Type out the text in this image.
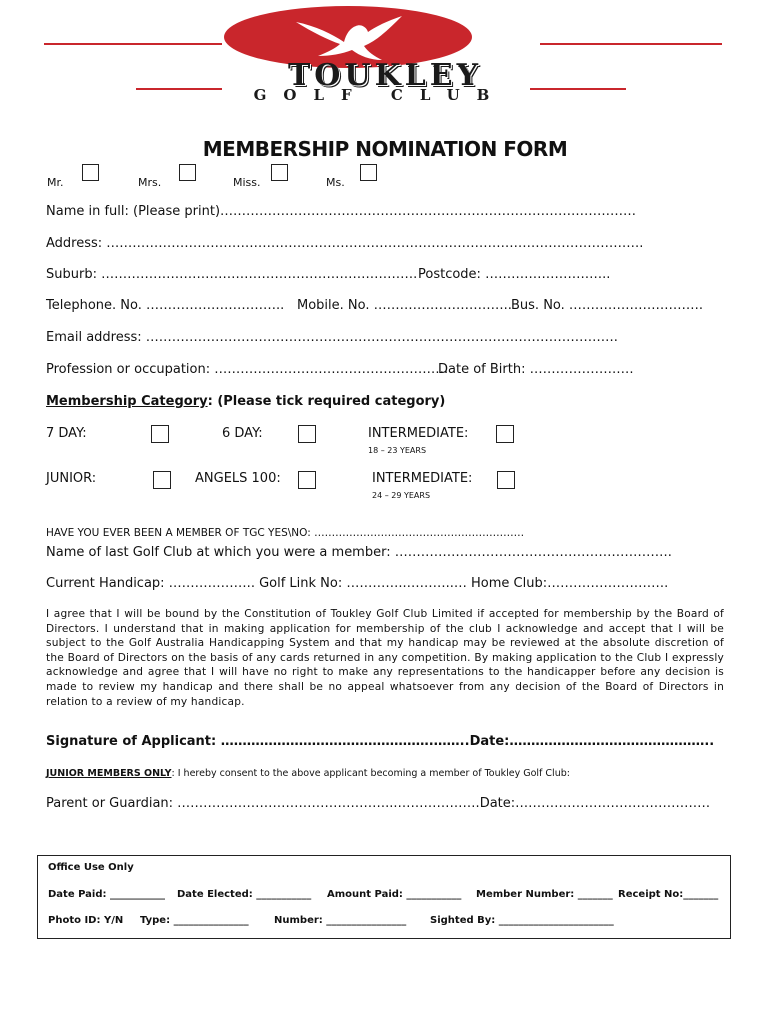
TOUKLEY
GOLF CLUB
MEMBERSHIP NOMINATION FORM
Mr.	Mrs.	Miss.	Ms.
Name in full: (Please print)……………………………………………………………………………………
Address: …………………………………………………………………………………………………………….
Suburb: ………………………………………………………………. Postcode: ………………………..
Telephone. No. ………………………….. Mobile. No. ………………………….. Bus. No. ………………………….
Email address: ……………………………………………………………………………………………….
Profession or occupation: ………………………………………………
Date of Birth: ……………………
Membership Category: (Please tick required category)
7 DAY:	6 DAY:	INTERMEDIATE:
18 – 23 YEARS
JUNIOR:	ANGELS 100:	INTERMEDIATE:
24 – 29 YEARS
HAVE YOU EVER BEEN A MEMBER OF TGC YES\NO: ……………………………………………………
Name of last Golf Club at which you were a member: ……………………………………………………….
Current Handicap: ……………….. Golf Link No: …………..………..… Home Club:……………………….
I agree that I will be bound by the Constitution of Toukley Golf Club Limited if accepted for membership by the Board of Directors. I understand that in making application for membership of the club I acknowledge and accept that I will be subject to the Golf Australia Handicapping System and that my handicap may be reviewed at the absolute discretion of the Board of Directors on the basis of any cards returned in any competition. By making application to the Club I expressly acknowledge and agree that I will have no right to make any representations to the handicapper before any decision is made to review my handicap and there shall be no appeal whatsoever from any decision of the Board of Directors in relation to a review of my handicap.
Signature of Applicant: ………………………………………….……..Date:………………………………………..
JUNIOR MEMBERS ONLY: I hereby consent to the above applicant becoming a member of Toukley Golf Club:
Parent or Guardian: …………………………………………...……………….Date:………………………………………
Office Use Only
Date Paid: ___________ Date Elected: ___________ Amount Paid: ___________ Member Number: _______ Receipt No:_______
Photo ID: Y/N Type: _______________	Number: ________________ Sighted By: _______________________
